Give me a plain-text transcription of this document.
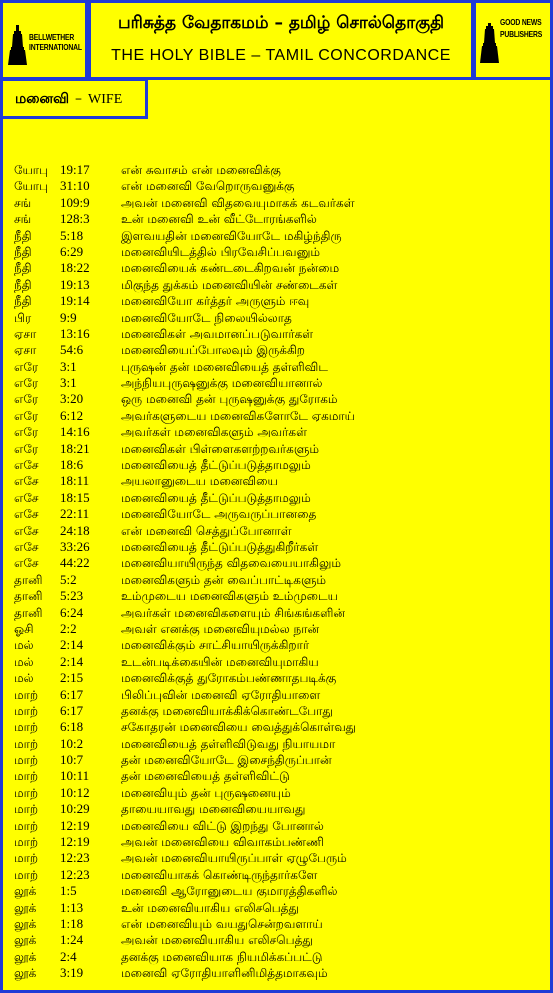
BELLWETHER INTERNATIONAL
பரிசுத்த வேதாகமம் – தமிழ் சொல்தொகுதி
THE HOLY BIBLE – TAMIL CONCORDANCE
GOOD NEWS PUBLISHERS
மனைவி – WIFE
யோபு 19:17	என் சுவாசம் என் மனைவிக்கு
யோபு 31:10	என் மனைவி வேறொருவனுக்கு
சங் 109:9	அவன் மனைவி விதவையுமாகக் கடவர்கள்
சங் 128:3	உன் மனைவி உன் வீட்டோரங்களில்
நீதி 5:18	இளவயதின் மனைவியோடே மகிழ்ந்திரு
நீதி 6:29	மனைவியிடத்தில் பிரவேசிப்பவனும்
நீதி 18:22	மனைவியைக் கண்டடைகிறவன் நன்மை
நீதி 19:13	மிகுந்த துக்கம் மனைவியின் சண்டைகள்
நீதி 19:14	மனைவியோ கர்த்தர் அருளும் ஈவு
பிர 9:9	மனைவியோடே நிலையில்லாத
ஏசா 13:16	மனைவிகள் அவமானப்படுவார்கள்
ஏசா 54:6	மனைவியைப்போலவும் இருக்கிற
எரே 3:1	புருஷன் தன் மனைவியைத் தள்ளிவிட
எரே 3:1	அந்நியபுருஷனுக்கு மனைவியானால்
எரே 3:20	ஒரு மனைவி தன் புருஷனுக்கு துரோகம்
எரே 6:12	அவர்களுடைய மனைவிகளோடே ஏகமாய்
எரே 14:16	அவர்கள் மனைவிகளும் அவர்கள்
எரே 18:21	மனைவிகள் பிள்ளைகளற்றவர்களும்
எசே 18:6	மனைவியைத் தீட்டுப்படுத்தாமலும்
எசே 18:11	அயலானுடைய மனைவியை
எசே 18:15	மனைவியைத் தீட்டுப்படுத்தாமலும்
எசே 22:11	மனைவியோடே அருவருப்பானதை
எசே 24:18	என் மனைவி செத்துப்போனாள்
எசே 33:26	மனைவியைத் தீட்டுப்படுத்துகிறீர்கள்
எசே 44:22	மனைவியாயிருந்த விதவையையாகிலும்
தானி 5:2	மனைவிகளும் தன் வைப்பாட்டிகளும்
தானி 5:23	உம்முடைய மனைவிகளும் உம்முடைய
தானி 6:24	அவர்கள் மனைவிகளையும் சிங்கங்களின்
ஓசி 2:2	அவள் எனக்கு மனைவியுமல்ல நான்
மல் 2:14	மனைவிக்கும் சாட்சியாயிருக்கிறார்
மல் 2:14	உடன்படிக்கையின் மனைவியுமாகிய
மல் 2:15	மனைவிக்குத் துரோகம்பண்ணாதபடிக்கு
மாற் 6:17	பிலிப்புவின் மனைவி ஏரோதியாளை
மாற் 6:17	தனக்கு மனைவியாக்கிக்கொண்டபோது
மாற் 6:18	சகோதரன் மனைவியை வைத்துக்கொள்வது
மாற் 10:2	மனைவியைத் தள்ளிவிடுவது நியாயமா
மாற் 10:7	தன் மனைவியோடே இசைந்திருப்பான்
மாற் 10:11	தன் மனைவியைத் தள்ளிவிட்டு
மாற் 10:12	மனைவியும் தன் புருஷனையும்
மாற் 10:29	தாயையாவது மனைவியையாவது
மாற் 12:19	மனைவியை விட்டு இறந்து போனால்
மாற் 12:19	அவன் மனைவியை விவாகம்பண்ணி
மாற் 12:23	அவன் மனைவியாயிருப்பாள் ஏழுபேரும்
மாற் 12:23	மனைவியாகக் கொண்டிருந்தார்களே
லூக் 1:5	மனைவி ஆரோனுடைய குமாரத்திகளில்
லூக் 1:13	உன் மனைவியாகிய எலிசபெத்து
லூக் 1:18	என் மனைவியும் வயதுசென்றவளாய்
லூக் 1:24	அவன் மனைவியாகிய எலிசபெத்து
லூக் 2:4	தனக்கு மனைவியாக நியமிக்கப்பட்டு
லூக் 3:19	மனைவி ஏரோதியாளினிமித்தமாகவும்
